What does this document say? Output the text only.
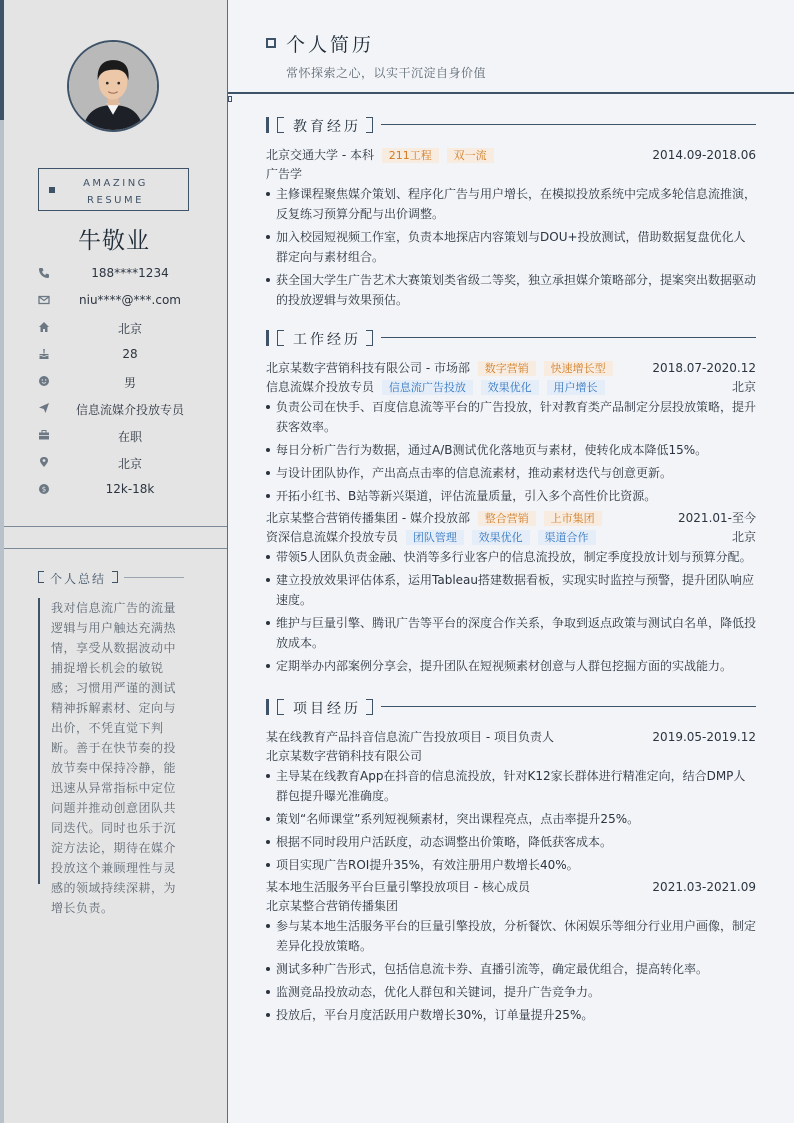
AMAZING
RESUME
牛敬业
188****1234
niu****@***.com
北京
28
男
信息流媒介投放专员
在职
北京
$	12k-18k
个人总结
我对信息流广告的流量逻辑与用户触达充满热情，享受从数据波动中捕捉增长机会的敏锐感；习惯用严谨的测试精神拆解素材、定向与出价，不凭直觉下判断。善于在快节奏的投放节奏中保持冷静，能迅速从异常指标中定位问题并推动创意团队共同迭代。同时也乐于沉淀方法论，期待在媒介投放这个兼顾理性与灵感的领域持续深耕，为增长负责。
个人简历
常怀探索之心，以实干沉淀自身价值
教育经历
北京交通大学 - 本科 211工程 双一流	2014.09-2018.06
广告学
主修课程聚焦媒介策划、程序化广告与用户增长，在模拟投放系统中完成多轮信息流推演，反复练习预算分配与出价调整。
加入校园短视频工作室，负责本地探店内容策划与DOU+投放测试，借助数据复盘优化人群定向与素材组合。
获全国大学生广告艺术大赛策划类省级二等奖，独立承担媒介策略部分，提案突出数据驱动的投放逻辑与效果预估。
工作经历
北京某数字营销科技有限公司 - 市场部 数字营销 快速增长型	2018.07-2020.12
信息流媒介投放专员 信息流广告投放 效果优化 用户增长	北京
负责公司在快手、百度信息流等平台的广告投放，针对教育类产品制定分层投放策略，提升获客效率。
每日分析广告行为数据，通过A/B测试优化落地页与素材，使转化成本降低15%。
与设计团队协作，产出高点击率的信息流素材，推动素材迭代与创意更新。
开拓小红书、B站等新兴渠道，评估流量质量，引入多个高性价比资源。
北京某整合营销传播集团 - 媒介投放部 整合营销 上市集团	2021.01-至今
资深信息流媒介投放专员 团队管理 效果优化 渠道合作	北京
带领5人团队负责金融、快消等多行业客户的信息流投放，制定季度投放计划与预算分配。
建立投放效果评估体系，运用Tableau搭建数据看板，实现实时监控与预警，提升团队响应速度。
维护与巨量引擎、腾讯广告等平台的深度合作关系，争取到返点政策与测试白名单，降低投放成本。
定期举办内部案例分享会，提升团队在短视频素材创意与人群包挖掘方面的实战能力。
项目经历
某在线教育产品抖音信息流广告投放项目 - 项目负责人	2019.05-2019.12
北京某数字营销科技有限公司
主导某在线教育App在抖音的信息流投放，针对K12家长群体进行精准定向，结合DMP人群包提升曝光准确度。
策划“名师课堂”系列短视频素材，突出课程亮点，点击率提升25%。
根据不同时段用户活跃度，动态调整出价策略，降低获客成本。
项目实现广告ROI提升35%，有效注册用户数增长40%。
某本地生活服务平台巨量引擎投放项目 - 核心成员	2021.03-2021.09
北京某整合营销传播集团
参与某本地生活服务平台的巨量引擎投放，分析餐饮、休闲娱乐等细分行业用户画像，制定差异化投放策略。
测试多种广告形式，包括信息流卡券、直播引流等，确定最优组合，提高转化率。
监测竞品投放动态，优化人群包和关键词，提升广告竞争力。
投放后，平台月度活跃用户数增长30%，订单量提升25%。
